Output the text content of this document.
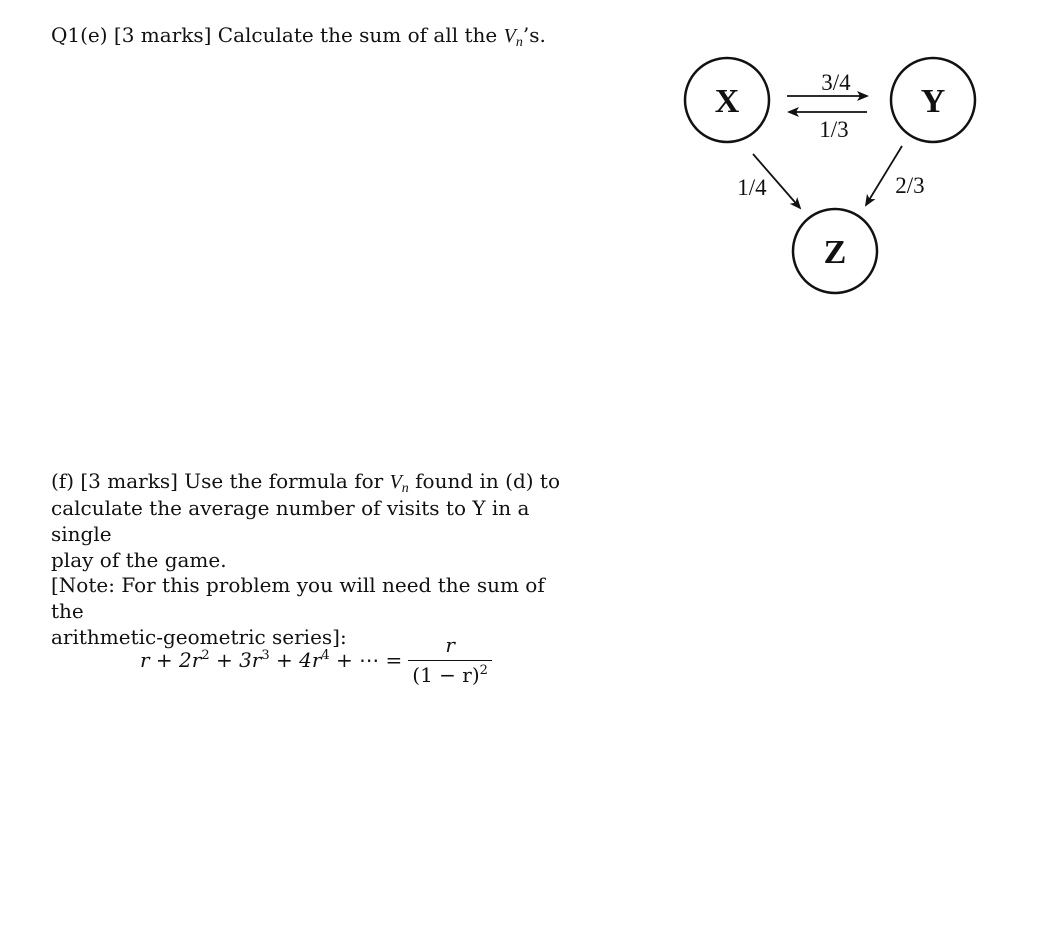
Q1(e) [3 marks] Calculate the sum of all the $V_n’s$.
X	Y
Z
3/4
1/3
1/4	2/3
(f) [3 marks] Use the formula for $V_n$ found in (d) to
calculate the average number of visits to Y in a single
play of the game.
[Note: For this problem you will need the sum of the
arithmetic-geometric series]:
$r + 2r^2 + 3r^3 + 4r^4$ + ⋯ = $\frac{r}{(1 - r)^2}$
